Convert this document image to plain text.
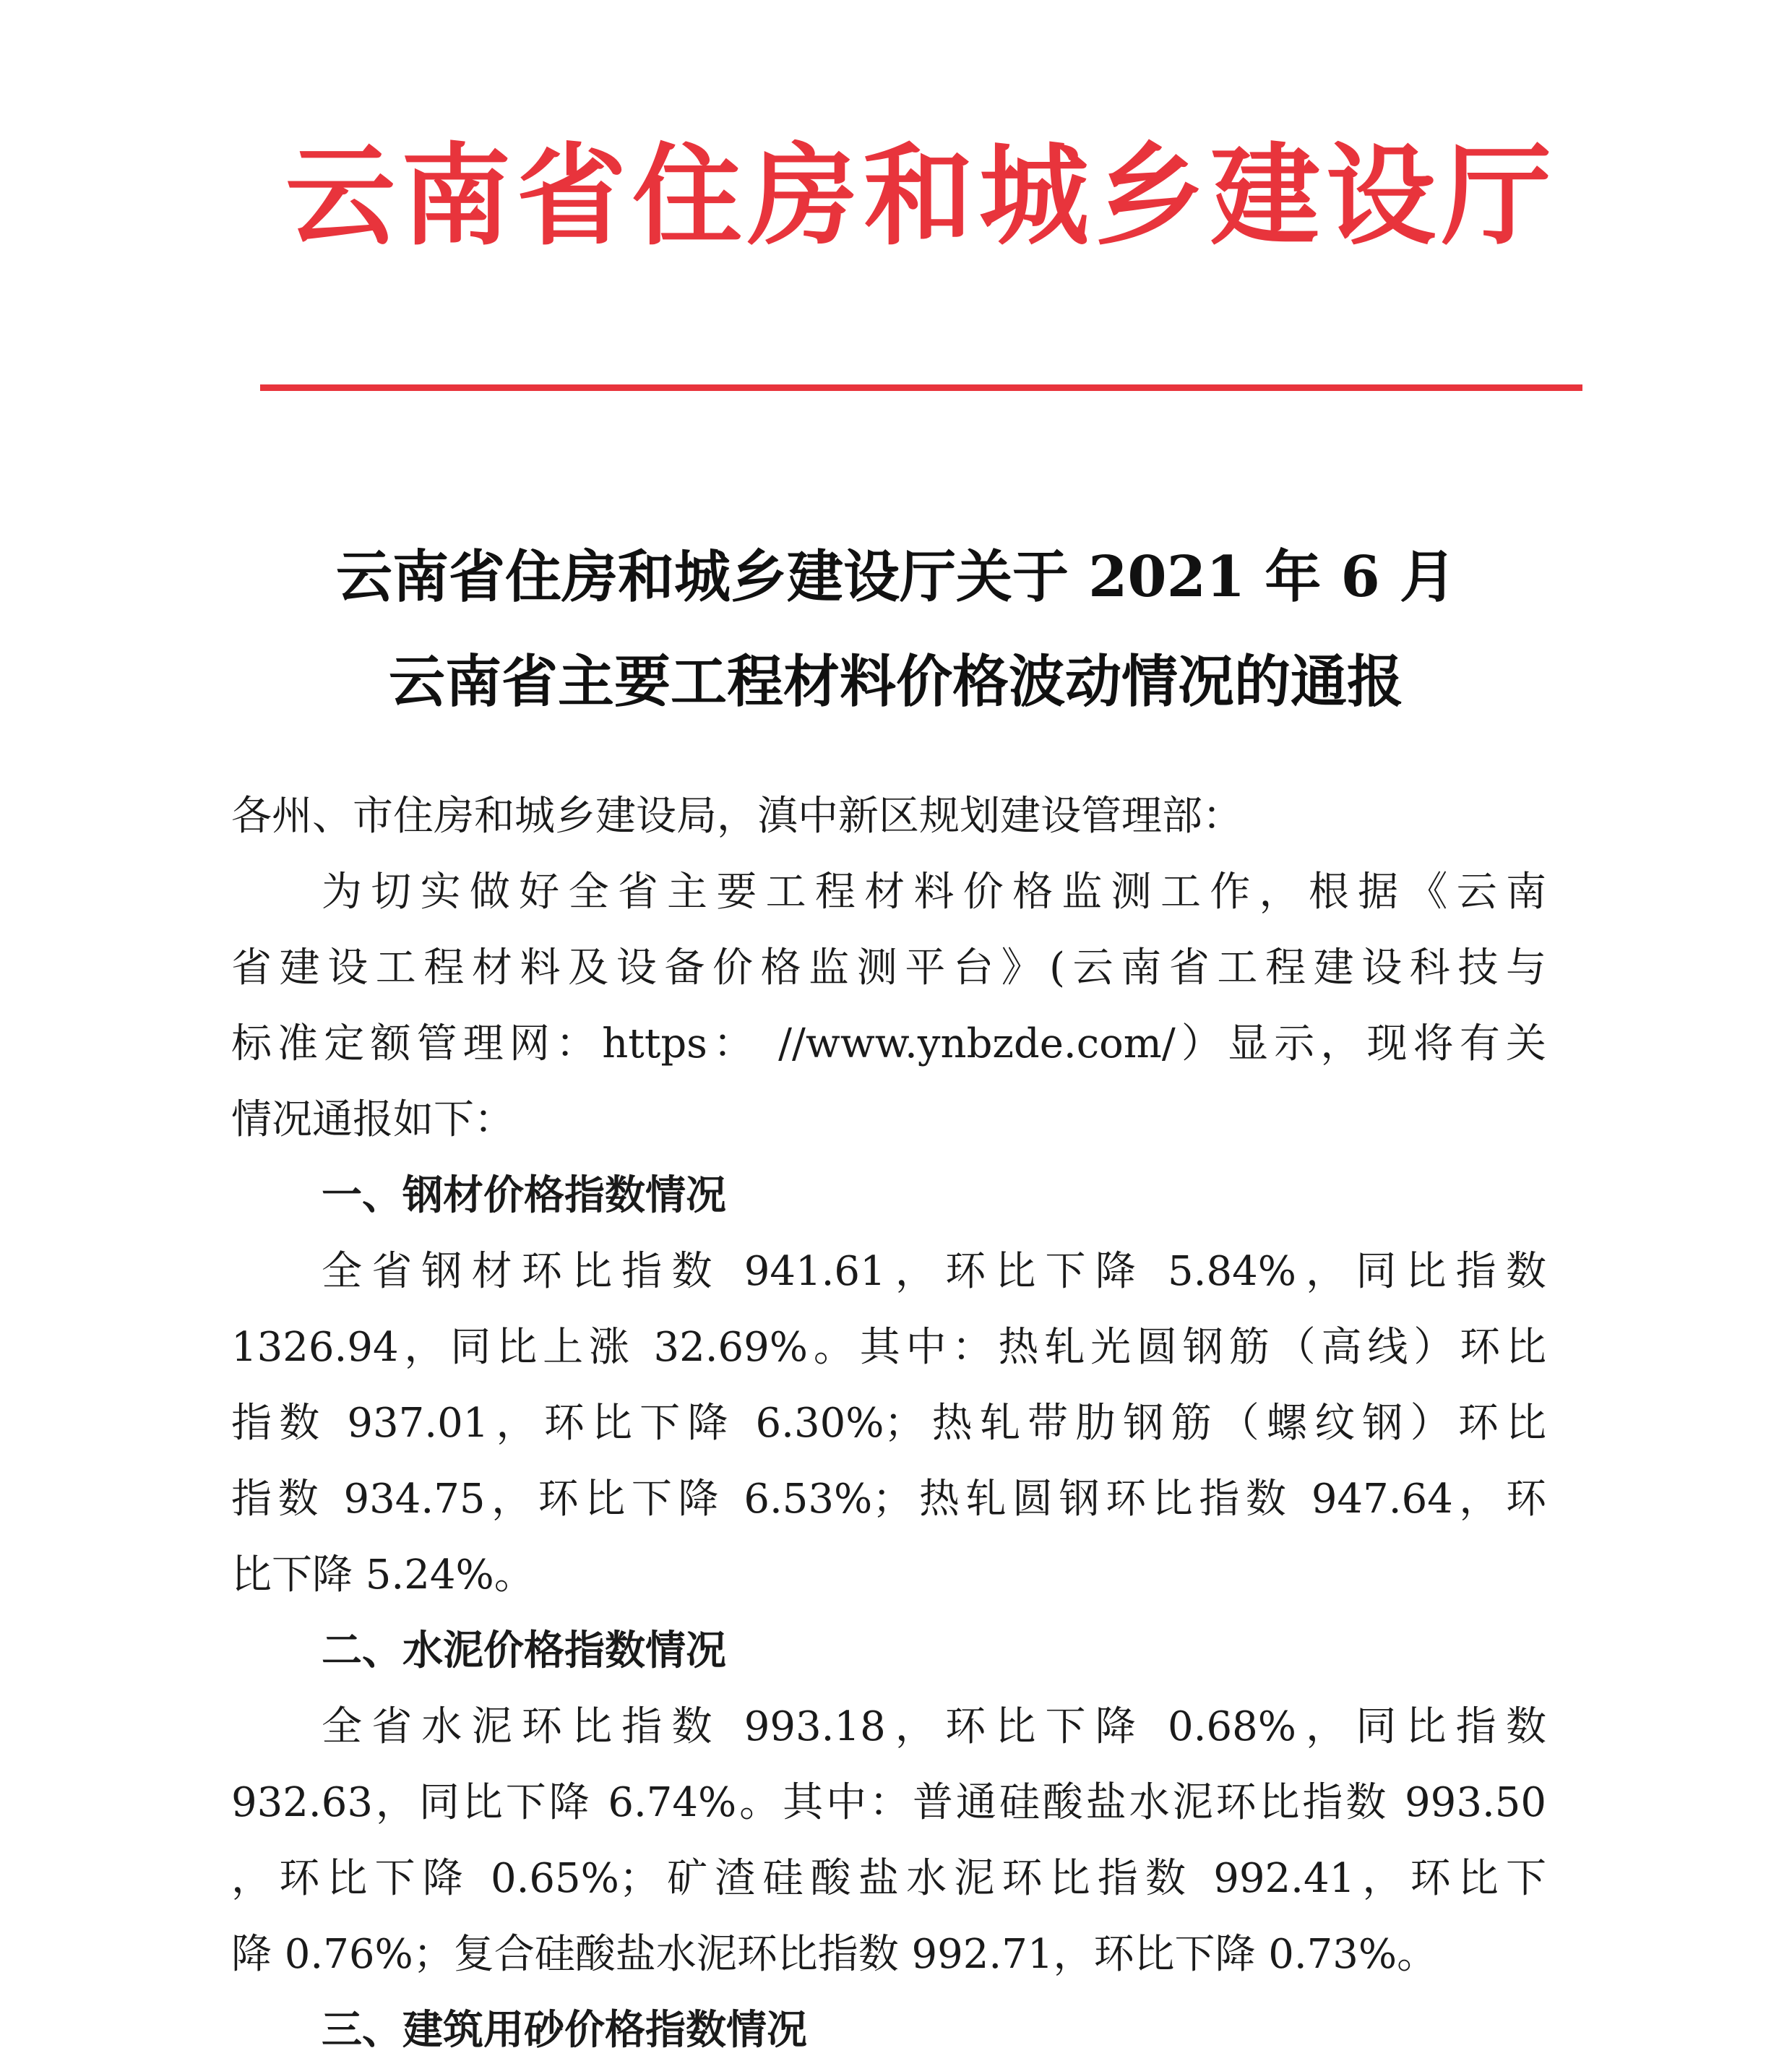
云南省住房和城乡建设厅
云南省住房和城乡建设厅关于 2021 年 6 月
云南省主要工程材料价格波动情况的通报
各州、市住房和城乡建设局，滇中新区规划建设管理部：
为切实做好全省主要工程材料价格监测工作，根据《云南
省建设工程材料及设备价格监测平台》(云南省工程建设科技与
标准定额管理网：https： //www.ynbzde.com/）显示，现将有关
情况通报如下：
一、钢材价格指数情况
全省钢材环比指数 941.61，环比下降 5.84%，同比指数
1326.94，同比上涨 32.69%。其中：热轧光圆钢筋（高线）环比
指数 937.01，环比下降 6.30%；热轧带肋钢筋（螺纹钢）环比
指数 934.75，环比下降 6.53%；热轧圆钢环比指数 947.64，环
比下降 5.24%。
二、水泥价格指数情况
全省水泥环比指数 993.18，环比下降 0.68%，同比指数
932.63，同比下降 6.74%。其中：普通硅酸盐水泥环比指数 993.50
，环比下降 0.65%；矿渣硅酸盐水泥环比指数 992.41，环比下
降 0.76%；复合硅酸盐水泥环比指数 992.71，环比下降 0.73%。
三、建筑用砂价格指数情况
